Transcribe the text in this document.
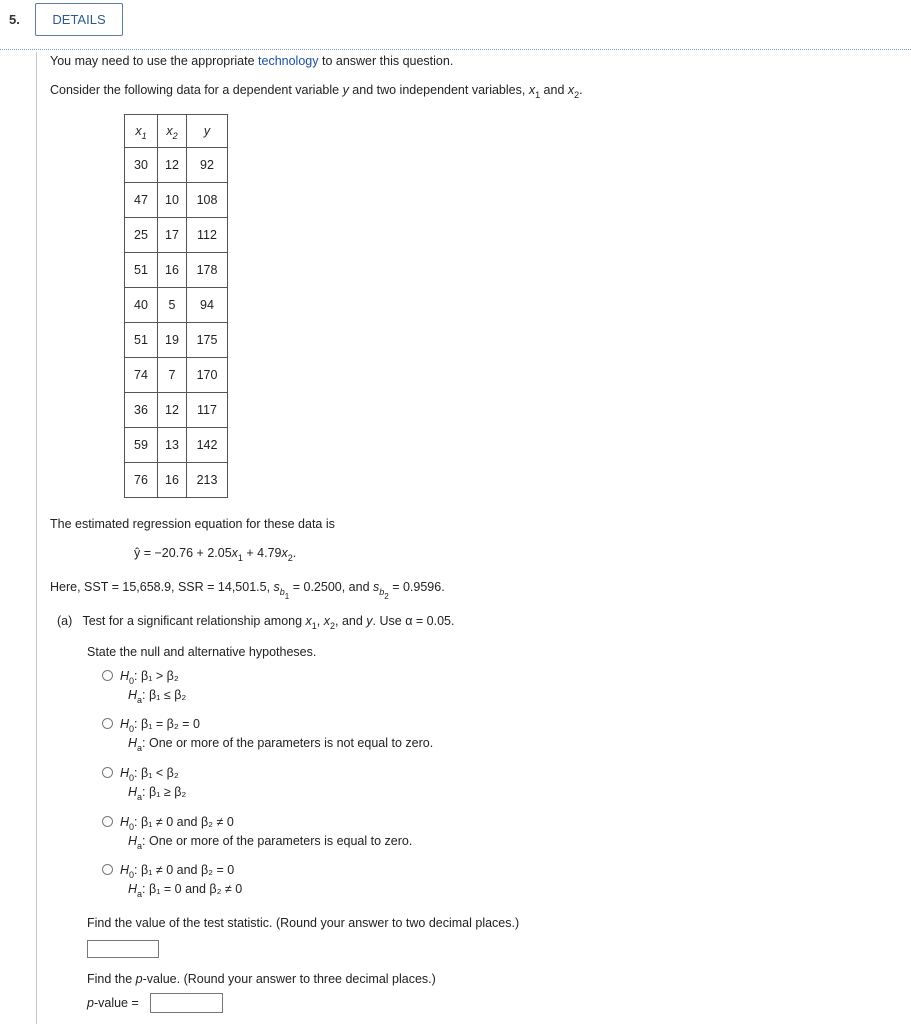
5.	DETAILS
You may need to use the appropriate technology to answer this question.
Consider the following data for a dependent variable y and two independent variables, $x_1$ and $x_2$.
$x_1$	$x_2$	y
30	12	92
47	10	108
25	17	112
51	16	178
40	5	94
51	19	175
74	7	170
36	12	117
59	13	142
76	16	213
The estimated regression equation for these data is
ŷ = $-20.76 + 2.05x_1 + 4.79x_2$.
Here, SST = 15,658.9, SSR = 14,501.5, $s_{b_1} = 0.2500$, and $s_{b_2} = 0.9596$.
(a) Test for a significant relationship among $x_1$, $x_2$, and y. Use α = 0.05.
State the null and alternative hypotheses.
$H_0$: β₁ > β₂
$H_a$: β₁ ≤ β₂
$H_0$: β₁ = β₂ = 0
$H_a$: One or more of the parameters is not equal to zero.
$H_0$: β₁ < β₂
$H_a$: β₁ ≥ β₂
$H_0$: β₁ ≠ 0 and β₂ ≠ 0
$H_a$: One or more of the parameters is equal to zero.
$H_0$: β₁ ≠ 0 and β₂ = 0
$H_a$: β₁ = 0 and β₂ ≠ 0
Find the value of the test statistic. (Round your answer to two decimal places.)
Find the p-value. (Round your answer to three decimal places.)
p-value =
